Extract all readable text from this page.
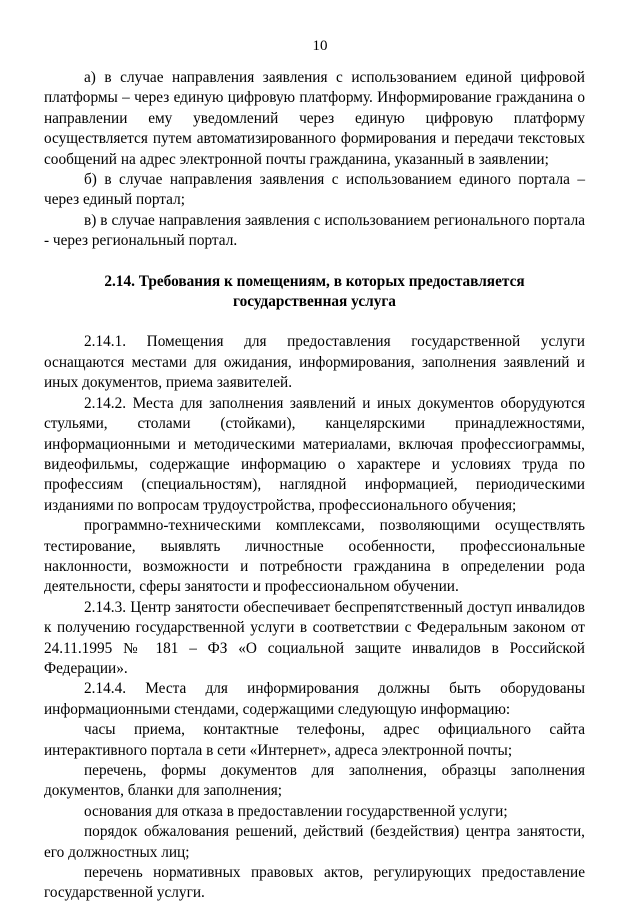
10

а) в случае направления заявления с использованием единой цифровой платформы – через единую цифровую платформу. Информирование гражданина о направлении ему уведомлений через единую цифровую платформу осуществляется путем автоматизированного формирования и передачи текстовых сообщений на адрес электронной почты гражданина, указанный в заявлении;

б) в случае направления заявления с использованием единого портала – через единый портал;

в) в случае направления заявления с использованием регионального портала - через региональный портал.

2.14. Требования к помещениям, в которых предоставляется
государственная услуга

2.14.1. Помещения для предоставления государственной услуги оснащаются местами для ожидания, информирования, заполнения заявлений и иных документов, приема заявителей.

2.14.2. Места для заполнения заявлений и иных документов оборудуются стульями, столами (стойками), канцелярскими принадлежностями, информационными и методическими материалами, включая профессиограммы, видеофильмы, содержащие информацию о характере и условиях труда по профессиям (специальностям), наглядной информацией, периодическими изданиями по вопросам трудоустройства, профессионального обучения;

программно-техническими комплексами, позволяющими осуществлять тестирование, выявлять личностные особенности, профессиональные наклонности, возможности и потребности гражданина в определении рода деятельности, сферы занятости и профессиональном обучении.

2.14.3. Центр занятости обеспечивает беспрепятственный доступ инвалидов к получению государственной услуги в соответствии с Федеральным законом от 24.11.1995 № 181 – ФЗ «О социальной защите инвалидов в Российской Федерации».

2.14.4. Места для информирования должны быть оборудованы информационными стендами, содержащими следующую информацию:

часы приема, контактные телефоны, адрес официального сайта интерактивного портала в сети «Интернет», адреса электронной почты;

перечень, формы документов для заполнения, образцы заполнения документов, бланки для заполнения;

основания для отказа в предоставлении государственной услуги;

порядок обжалования решений, действий (бездействия) центра занятости, его должностных лиц;

перечень нормативных правовых актов, регулирующих предоставление государственной услуги.
